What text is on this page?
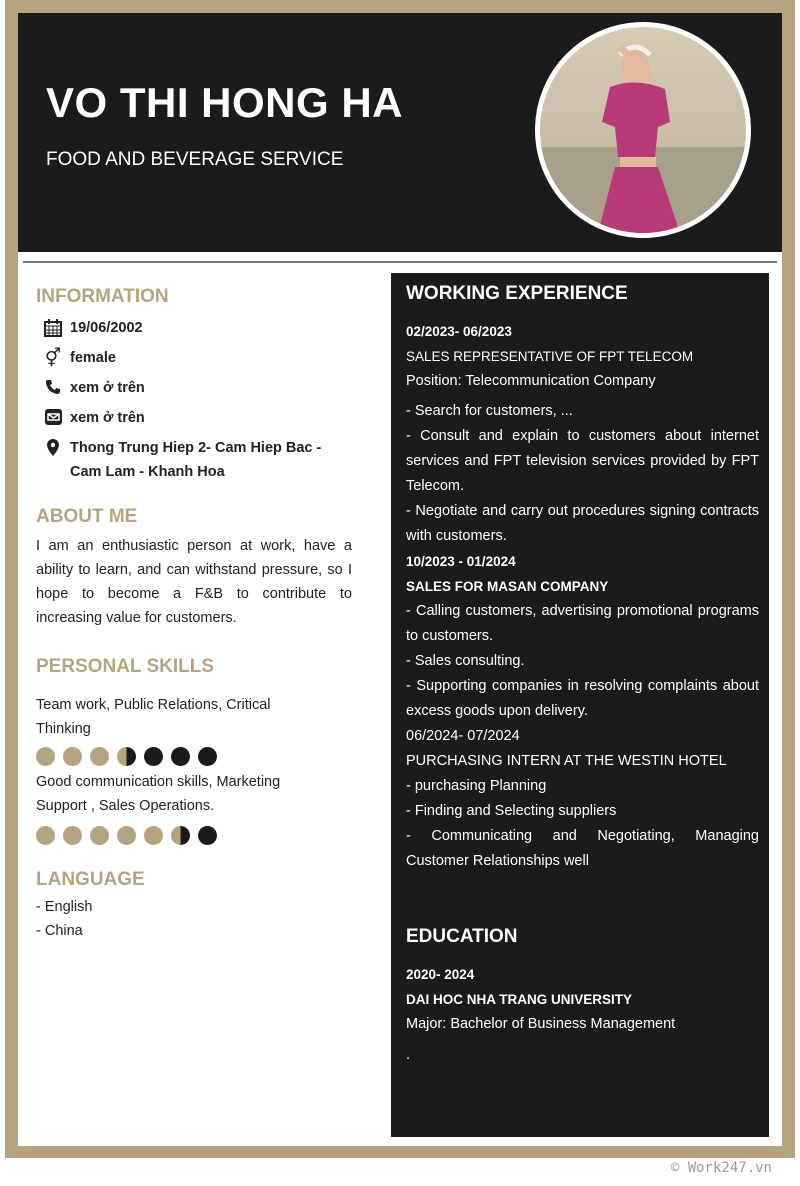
VO THI HONG HA
FOOD AND BEVERAGE SERVICE
INFORMATION
19/06/2002
⚥ female
xem ở trên
xem ở trên
Thong Trung Hiep 2- Cam Hiep Bac - Cam Lam - Khanh Hoa
ABOUT ME
I am an enthusiastic person at work, have a ability to learn, and can withstand pressure, so I hope to become a F&B to contribute to increasing value for customers.
PERSONAL SKILLS
Team work, Public Relations, Critical Thinking
Good communication skills, Marketing Support , Sales Operations.
LANGUAGE
- English
- China
WORKING EXPERIENCE
02/2023- 06/2023
SALES REPRESENTATIVE OF FPT TELECOM
Position: Telecommunication Company
- Search for customers, ...
- Consult and explain to customers about internet services and FPT television services provided by FPT Telecom.
- Negotiate and carry out procedures signing contracts with customers.
10/2023 - 01/2024
SALES FOR MASAN COMPANY
- Calling customers, advertising promotional programs to customers.
- Sales consulting.
- Supporting companies in resolving complaints about excess goods upon delivery.
06/2024- 07/2024
PURCHASING INTERN AT THE WESTIN HOTEL
- purchasing Planning
- Finding and Selecting suppliers
- Communicating and Negotiating, Managing Customer Relationships well
EDUCATION
2020- 2024
DAI HOC NHA TRANG UNIVERSITY
Major: Bachelor of Business Management
.
© Work247.vn
